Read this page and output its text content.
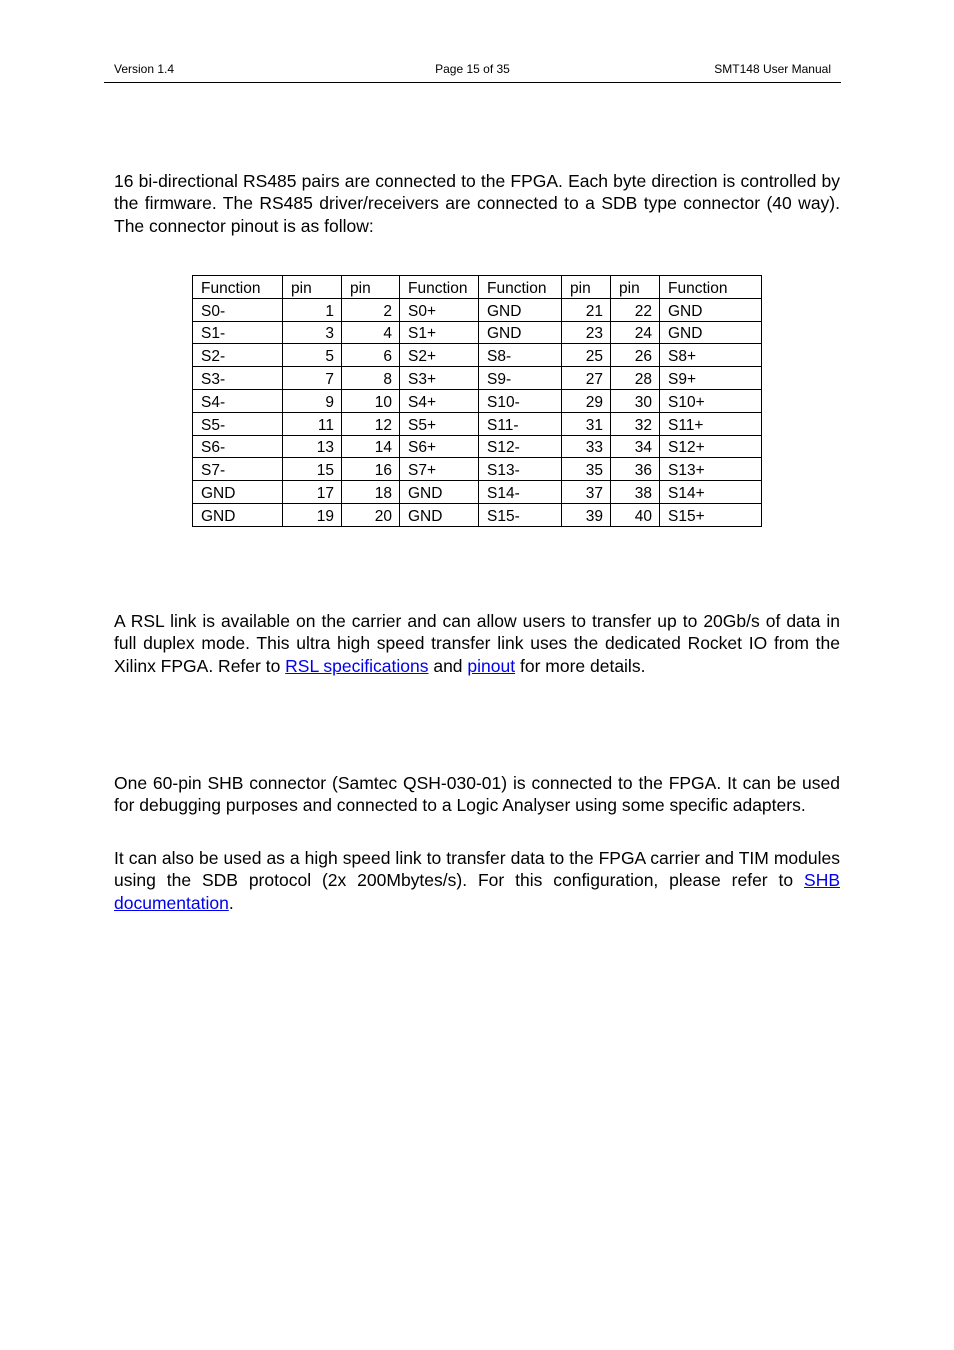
Version 1.4	Page 15 of 35	SMT148 User Manual

16 bi-directional RS485 pairs are connected to the FPGA. Each byte direction is controlled by the firmware. The RS485 driver/receivers are connected to a SDB type connector (40 way). The connector pinout is as follow:

Function	pin	pin	Function	Function	pin	pin	Function
S0-	1	2	S0+	GND	21	22	GND
S1-	3	4	S1+	GND	23	24	GND
S2-	5	6	S2+	S8-	25	26	S8+
S3-	7	8	S3+	S9-	27	28	S9+
S4-	9	10	S4+	S10-	29	30	S10+
S5-	11	12	S5+	S11-	31	32	S11+
S6-	13	14	S6+	S12-	33	34	S12+
S7-	15	16	S7+	S13-	35	36	S13+
GND	17	18	GND	S14-	37	38	S14+
GND	19	20	GND	S15-	39	40	S15+

A RSL link is available on the carrier and can allow users to transfer up to 20Gb/s of data in full duplex mode. This ultra high speed transfer link uses the dedicated Rocket IO from the Xilinx FPGA. Refer to RSL specifications and pinout for more details.

One 60-pin SHB connector (Samtec QSH-030-01) is connected to the FPGA. It can be used for debugging purposes and connected to a Logic Analyser using some specific adapters.

It can also be used as a high speed link to transfer data to the FPGA carrier and TIM modules using the SDB protocol (2x 200Mbytes/s). For this configuration, please refer to SHB documentation.
